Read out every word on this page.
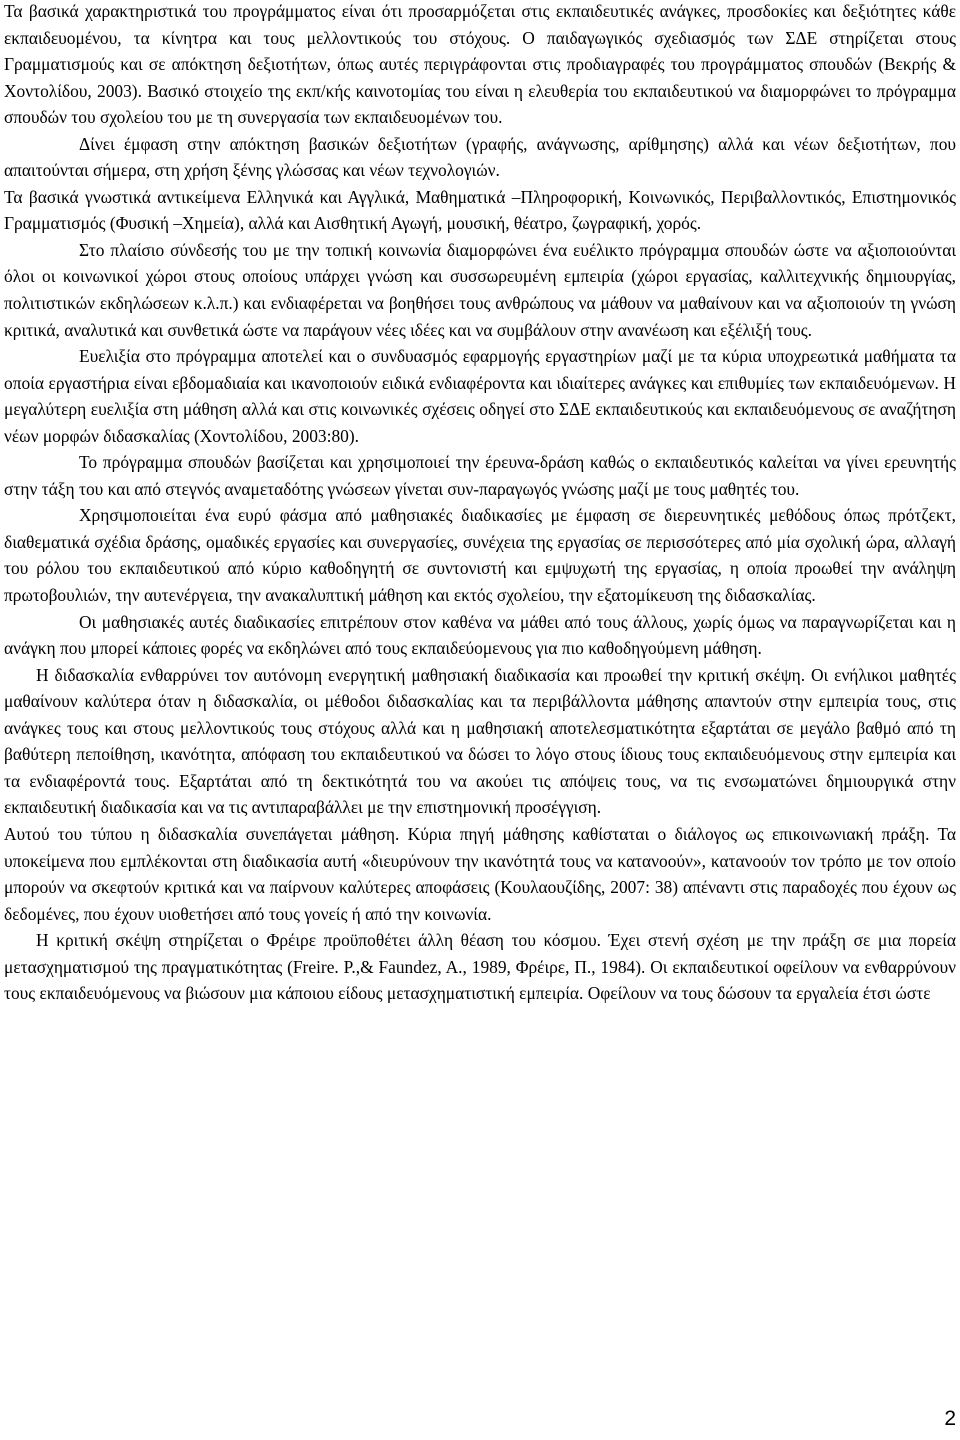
Τα βασικά χαρακτηριστικά του προγράμματος είναι ότι προσαρμόζεται στις εκπαιδευτικές ανάγκες, προσδοκίες και δεξιότητες κάθε εκπαιδευομένου, τα κίνητρα και τους μελλοντικούς του στόχους. Ο παιδαγωγικός σχεδιασμός των ΣΔΕ στηρίζεται στους Γραμματισμούς και σε απόκτηση δεξιοτήτων, όπως αυτές περιγράφονται στις προδιαγραφές του προγράμματος σπουδών (Βεκρής & Χοντολίδου, 2003). Βασικό στοιχείο της εκπ/κής καινοτομίας του είναι η ελευθερία του εκπαιδευτικού να διαμορφώνει το πρόγραμμα σπουδών του σχολείου του με τη συνεργασία των εκπαιδευομένων του.

Δίνει έμφαση στην απόκτηση βασικών δεξιοτήτων (γραφής, ανάγνωσης, αρίθμησης) αλλά και νέων δεξιοτήτων, που απαιτούνται σήμερα, στη χρήση ξένης γλώσσας και νέων τεχνολογιών.

Τα βασικά γνωστικά αντικείμενα Ελληνικά και Αγγλικά, Μαθηματικά –Πληροφορική, Κοινωνικός, Περιβαλλοντικός, Επιστημονικός Γραμματισμός (Φυσική –Χημεία), αλλά και Αισθητική Αγωγή, μουσική, θέατρο, ζωγραφική, χορός.

Στο πλαίσιο σύνδεσής του με την τοπική κοινωνία διαμορφώνει ένα ευέλικτο πρόγραμμα σπουδών ώστε να αξιοποιούνται όλοι οι κοινωνικοί χώροι στους οποίους υπάρχει γνώση και συσσωρευμένη εμπειρία (χώροι εργασίας, καλλιτεχνικής δημιουργίας, πολιτιστικών εκδηλώσεων κ.λ.π.) και ενδιαφέρεται να βοηθήσει τους ανθρώπους να μάθουν να μαθαίνουν και να αξιοποιούν τη γνώση κριτικά, αναλυτικά και συνθετικά ώστε να παράγουν νέες ιδέες και να συμβάλουν στην ανανέωση και εξέλιξή τους.

Ευελιξία στο πρόγραμμα αποτελεί και ο συνδυασμός εφαρμογής εργαστηρίων μαζί με τα κύρια υποχρεωτικά μαθήματα τα οποία εργαστήρια είναι εβδομαδιαία και ικανοποιούν ειδικά ενδιαφέροντα και ιδιαίτερες ανάγκες και επιθυμίες των εκπαιδευόμενων. Η μεγαλύτερη ευελιξία στη μάθηση αλλά και στις κοινωνικές σχέσεις οδηγεί στο ΣΔΕ εκπαιδευτικούς και εκπαιδευόμενους σε αναζήτηση νέων μορφών διδασκαλίας (Χοντολίδου, 2003:80).

Το πρόγραμμα σπουδών βασίζεται και χρησιμοποιεί την έρευνα-δράση καθώς ο εκπαιδευτικός καλείται να γίνει ερευνητής στην τάξη του και από στεγνός αναμεταδότης γνώσεων γίνεται συν-παραγωγός γνώσης μαζί με τους μαθητές του.

Χρησιμοποιείται ένα ευρύ φάσμα από μαθησιακές διαδικασίες με έμφαση σε διερευνητικές μεθόδους όπως πρότζεκτ, διαθεματικά σχέδια δράσης, ομαδικές εργασίες και συνεργασίες, συνέχεια της εργασίας σε περισσότερες από μία σχολική ώρα, αλλαγή του ρόλου του εκπαιδευτικού από κύριο καθοδηγητή σε συντονιστή και εμψυχωτή της εργασίας, η οποία προωθεί την ανάληψη πρωτοβουλιών, την αυτενέργεια, την ανακαλυπτική μάθηση και εκτός σχολείου, την εξατομίκευση της διδασκαλίας.

Οι μαθησιακές αυτές διαδικασίες επιτρέπουν στον καθένα να μάθει από τους άλλους, χωρίς όμως να παραγνωρίζεται και η ανάγκη που μπορεί κάποιες φορές να εκδηλώνει από τους εκπαιδεύομενους για πιο καθοδηγούμενη μάθηση.

Η διδασκαλία ενθαρρύνει τον αυτόνομη ενεργητική μαθησιακή διαδικασία και προωθεί την κριτική σκέψη. Οι ενήλικοι μαθητές μαθαίνουν καλύτερα όταν η διδασκαλία, οι μέθοδοι διδασκαλίας και τα περιβάλλοντα μάθησης απαντούν στην εμπειρία τους, στις ανάγκες τους και στους μελλοντικούς τους στόχους αλλά και η μαθησιακή αποτελεσματικότητα εξαρτάται σε μεγάλο βαθμό από τη βαθύτερη πεποίθηση, ικανότητα, απόφαση του εκπαιδευτικού να δώσει το λόγο στους ίδιους τους εκπαιδευόμενους στην εμπειρία και τα ενδιαφέροντά τους. Εξαρτάται από τη δεκτικότητά του να ακούει τις απόψεις τους, να τις ενσωματώνει δημιουργικά στην εκπαιδευτική διαδικασία και να τις αντιπαραβάλλει με την επιστημονική προσέγγιση.

Αυτού του τύπου η διδασκαλία συνεπάγεται μάθηση. Κύρια πηγή μάθησης καθίσταται ο διάλογος ως επικοινωνιακή πράξη. Τα υποκείμενα που εμπλέκονται στη διαδικασία αυτή «διευρύνουν την ικανότητά τους να κατανοούν», κατανοούν τον τρόπο με τον οποίο μπορούν να σκεφτούν κριτικά και να παίρνουν καλύτερες αποφάσεις (Κουλαουζίδης, 2007: 38) απέναντι στις παραδοχές που έχουν ως δεδομένες, που έχουν υιοθετήσει από τους γονείς ή από την κοινωνία.

Η κριτική σκέψη στηρίζεται ο Φρέιρε προϋποθέτει άλλη θέαση του κόσμου. Έχει στενή σχέση με την πράξη σε μια πορεία μετασχηματισμού της πραγματικότητας (Freire. P.,& Faundez, A., 1989, Φρέιρε, Π., 1984). Οι εκπαιδευτικοί οφείλουν να ενθαρρύνουν τους εκπαιδευόμενους να βιώσουν μια κάποιου είδους μετασχηματιστική εμπειρία. Οφείλουν να τους δώσουν τα εργαλεία έτσι ώστε

2
